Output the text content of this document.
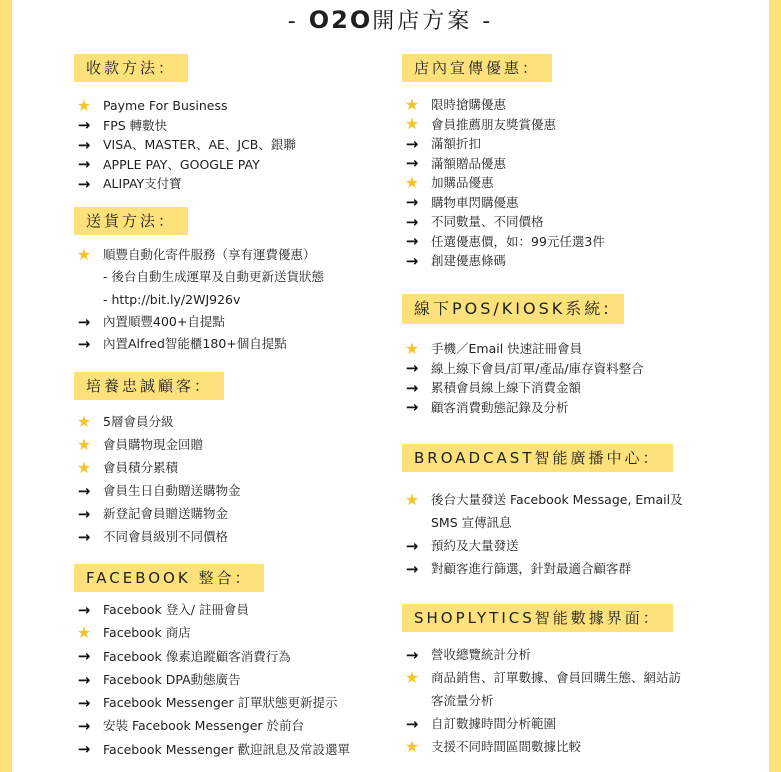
- O2O開店方案 -
收款方法：
★ Payme For Business
→ FPS 轉數快
→ VISA、MASTER、AE、JCB、銀聯
→ APPLE PAY、GOOGLE PAY
→ ALIPAY支付寶
送貨方法：
★ 順豐自動化寄件服務（享有運費優惠）
- 後台自動生成運單及自動更新送貨狀態
- http://bit.ly/2WJ926v
→ 內置順豐400+自提點
→ 內置Alfred智能櫃180+個自提點
培養忠誠顧客：
★ 5層會員分級
★ 會員購物現金回贈
★ 會員積分累積
→ 會員生日自動贈送購物金
→ 新登記會員贈送購物金
→ 不同會員級別不同價格
FACEBOOK 整合：
→ Facebook 登入/ 註冊會員
★ Facebook 商店
→ Facebook 像素追蹤顧客消費行為
→ Facebook DPA動態廣告
→ Facebook Messenger 訂單狀態更新提示
→ 安裝 Facebook Messenger 於前台
→ Facebook Messenger 歡迎訊息及常設選單
店內宣傳優惠：
★ 限時搶購優惠
★ 會員推薦朋友獎賞優惠
→ 滿額折扣
→ 滿額贈品優惠
★ 加購品優惠
→ 購物車閃購優惠
→ 不同數量、不同價格
→ 任選優惠價，如：99元任選3件
→ 創建優惠條碼
線下POS/KIOSK系統:
★ 手機／Email 快速註冊會員
→ 線上線下會員/訂單/產品/庫存資料整合
→ 累積會員線上線下消費金額
→ 顧客消費動態記錄及分析
BROADCAST智能廣播中心：
★ 後台大量發送 Facebook Message, Email及
SMS 宣傳訊息
→ 預約及大量發送
→ 對顧客進行篩選，針對最適合顧客群
SHOPLYTICS智能數據界面：
→ 營收總覽統計分析
★ 商品銷售、訂單數據、會員回購生態、網站訪
客流量分析
→ 自訂數據時間分析範圍
★ 支援不同時間區間數據比較
